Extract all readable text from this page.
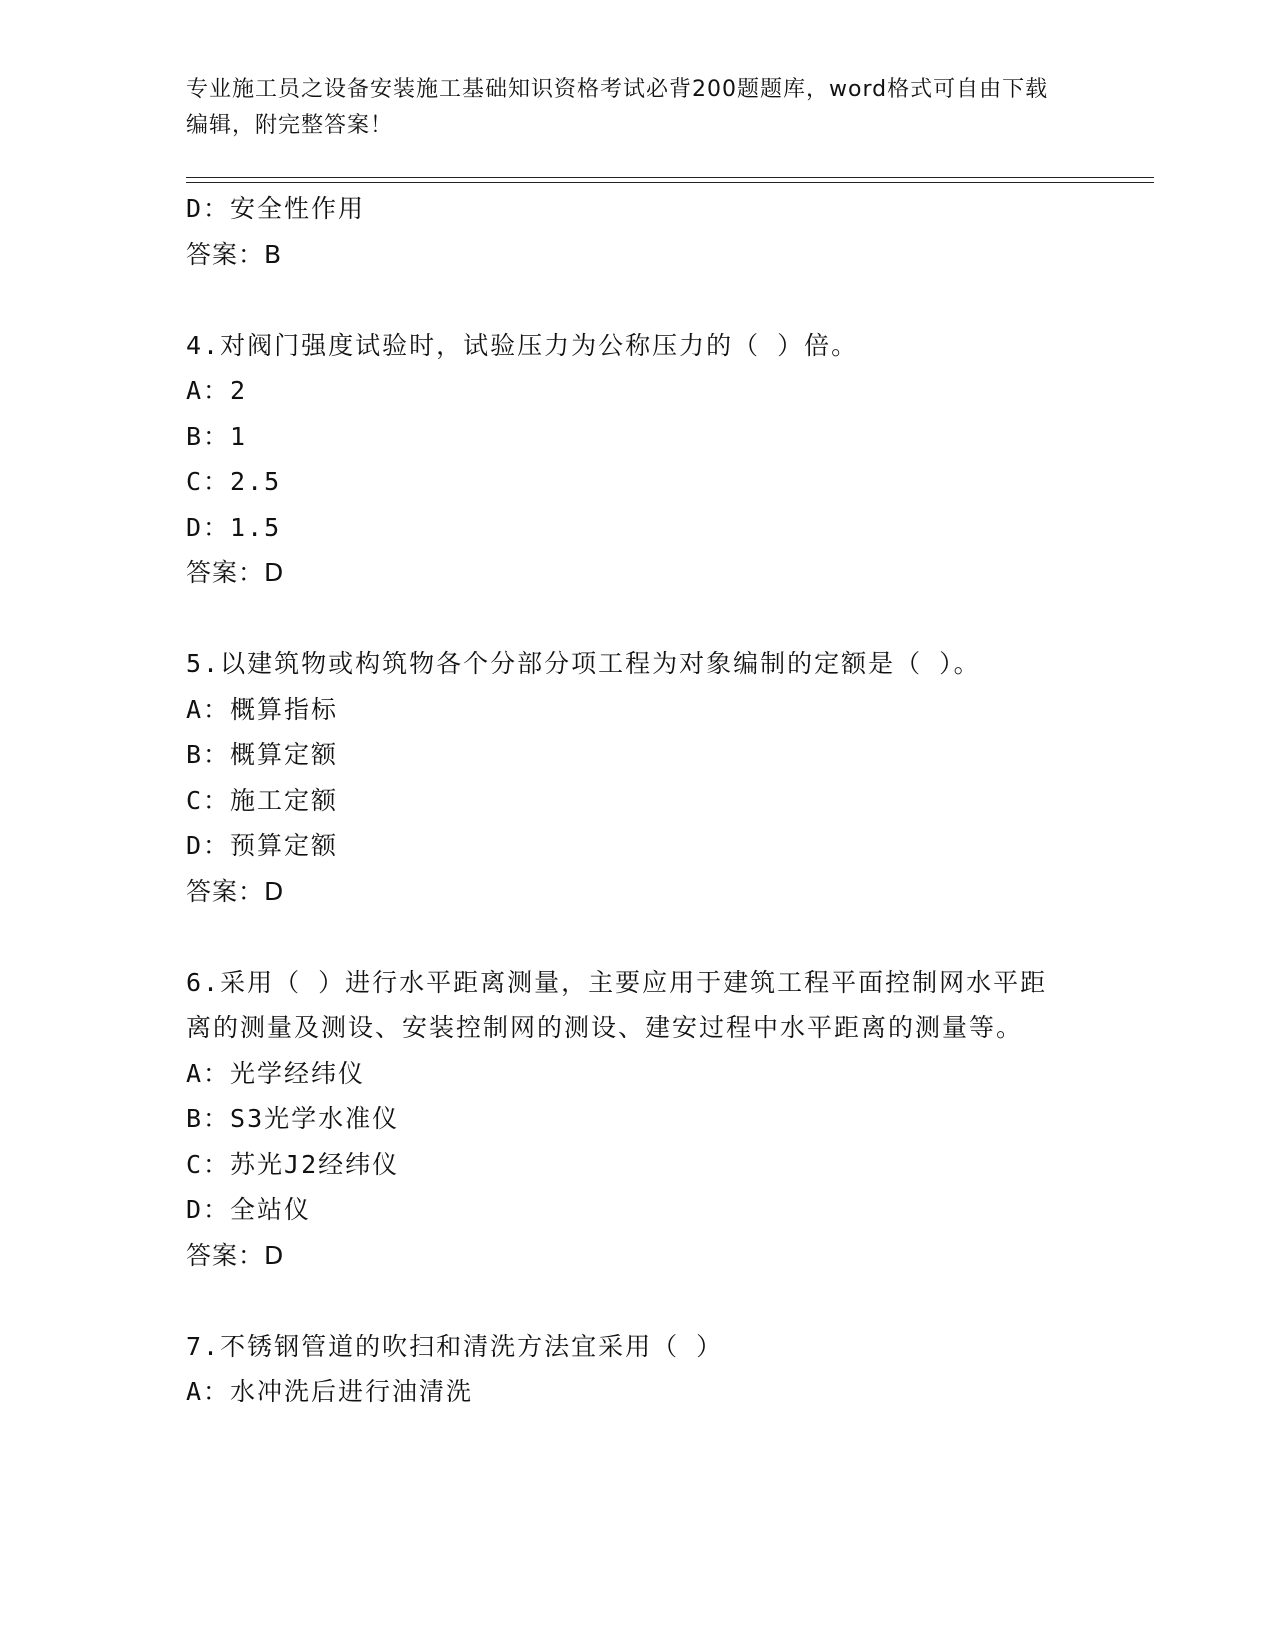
专业施工员之设备安装施工基础知识资格考试必背200题题库，word格式可自由下载编辑，附完整答案！
D：安全性作用
答案：B
4.对阀门强度试验时，试验压力为公称压力的（ ）倍。
A：2
B：1
C：2.5
D：1.5
答案：D
5.以建筑物或构筑物各个分部分项工程为对象编制的定额是（ ）。
A：概算指标
B：概算定额
C：施工定额
D：预算定额
答案：D
6.采用（ ）进行水平距离测量，主要应用于建筑工程平面控制网水平距离的测量及测设、安装控制网的测设、建安过程中水平距离的测量等。
A：光学经纬仪
B：S3光学水准仪
C：苏光J2经纬仪
D：全站仪
答案：D
7.不锈钢管道的吹扫和清洗方法宜采用（ ）
A：水冲洗后进行油清洗
